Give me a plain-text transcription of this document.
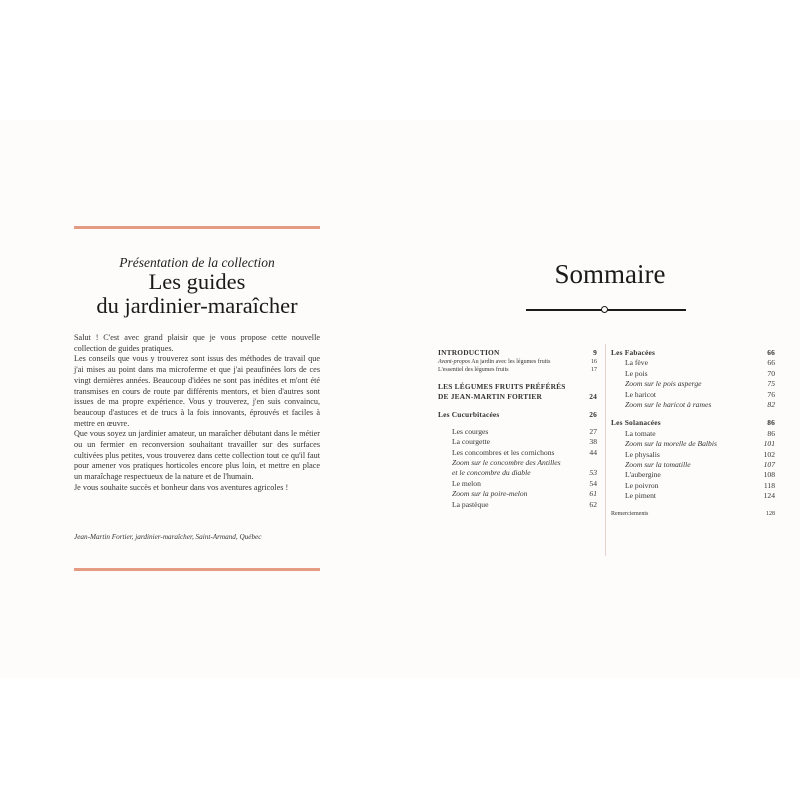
Présentation de la collection
Les guides
du jardinier-maraîcher

Salut ! C'est avec grand plaisir que je vous propose cette nouvelle collection de guides pratiques.

Les conseils que vous y trouverez sont issus des méthodes de travail que j'ai mises au point dans ma microferme et que j'ai peaufinées lors de ces vingt dernières années. Beaucoup d'idées ne sont pas inédites et m'ont été transmises en cours de route par différents mentors, et bien d'autres sont issues de ma propre expérience. Vous y trouverez, j'en suis convaincu, beaucoup d'astuces et de trucs à la fois innovants, éprouvés et faciles à mettre en œuvre.

Que vous soyez un jardinier amateur, un maraîcher débutant dans le métier ou un fermier en reconversion souhaitant travailler sur des surfaces cultivées plus petites, vous trouverez dans cette collection tout ce qu'il faut pour amener vos pratiques horticoles encore plus loin, et mettre en place un maraîchage respectueux de la nature et de l'humain.

Je vous souhaite succès et bonheur dans vos aventures agricoles !

Jean-Martin Fortier, jardinier-maraîcher, Saint-Armand, Québec
Sommaire
INTRODUCTION	9
Avant-propos Au jardin avec les légumes fruits	16
L'essentiel des légumes fruits	17
LES LÉGUMES FRUITS PRÉFÉRÉS
DE JEAN-MARTIN FORTIER	24
Les Cucurbitacées	26
Les courges	27
La courgette	38
Les concombres et les cornichons	44
Zoom sur le concombre des Antilles
et le concombre du diable	53
Le melon	54
Zoom sur la poire-melon	61
La pastèque	62
Les Fabacées	66
La fève	66
Le pois	70
Zoom sur le pois asperge	75
Le haricot	76
Zoom sur le haricot à rames	82
Les Solanacées	86
La tomate	86
Zoom sur la morelle de Balbis	101
Le physalis	102
Zoom sur la tomatille	107
L'aubergine	108
Le poivron	118
Le piment	124
Remerciements	128
